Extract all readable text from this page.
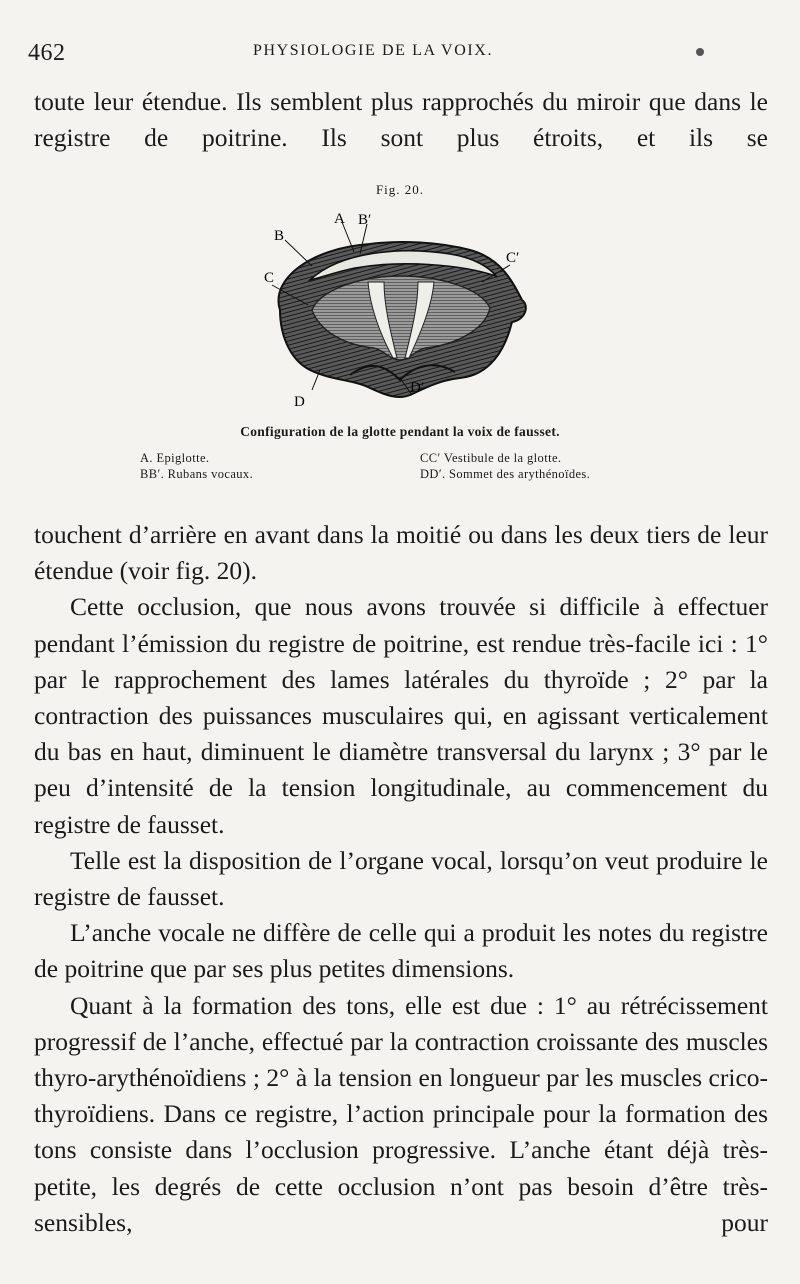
462	PHYSIOLOGIE DE LA VOIX.

toute leur étendue. Ils semblent plus rapprochés du miroir que dans le registre de poitrine. Ils sont plus étroits, et ils se

Fig. 20.
B
A B′
C
C′
D
D′
Configuration de la glotte pendant la voix de fausset.
A. Epiglotte.
BB′. Rubans vocaux.
CC′ Vestibule de la glotte.
DD′. Sommet des arythénoïdes.

touchent d’arrière en avant dans la moitié ou dans les deux tiers de leur étendue (voir fig. 20).

Cette occlusion, que nous avons trouvée si difficile à effectuer pendant l’émission du registre de poitrine, est rendue très-facile ici : 1° par le rapprochement des lames latérales du thyroïde ; 2° par la contraction des puissances musculaires qui, en agissant verticalement du bas en haut, diminuent le diamètre transversal du larynx ; 3° par le peu d’intensité de la tension longitudinale, au commencement du registre de fausset.

Telle est la disposition de l’organe vocal, lorsqu’on veut produire le registre de fausset.

L’anche vocale ne diffère de celle qui a produit les notes du registre de poitrine que par ses plus petites dimensions.

Quant à la formation des tons, elle est due : 1° au rétrécissement progressif de l’anche, effectué par la contraction croissante des muscles thyro-arythénoïdiens ; 2° à la tension en longueur par les muscles crico-thyroïdiens. Dans ce registre, l’action principale pour la formation des tons consiste dans l’occlusion progressive. L’anche étant déjà très-petite, les degrés de cette occlusion n’ont pas besoin d’être très-sensibles, pour
